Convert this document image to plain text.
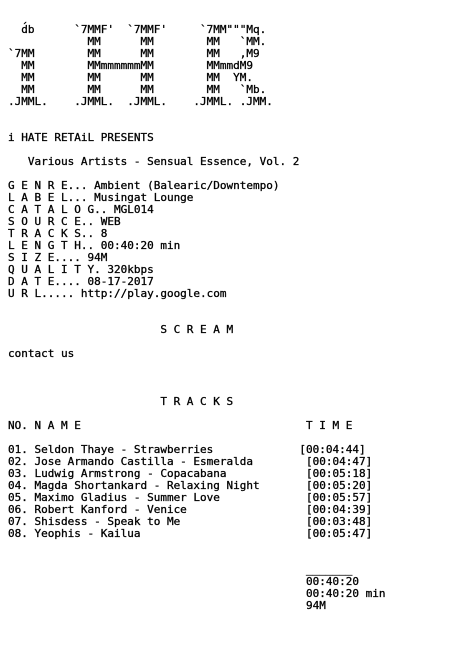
d́b      `7MMF'  `7MMF'     `7MM"""Mq.
MM      MM        MM   `MM.
`7MM        MM      MM        MM   ,M9
MM        MMmmmmmmMM        MMmmdM9
MM        MM      MM        MM  YM.
MM        MM      MM        MM   `Mb.
.JMML.    .JMML.  .JMML.    .JMML. .JMM.
i HATE RETAiL PRESENTS
Various Artists - Sensual Essence, Vol. 2
G E N R E... Ambient (Balearic/Downtempo)
L A B E L... Musingat Lounge
C A T A L O G.. MGL014
S O U R C E.. WEB
T R A C K S.. 8
L E N G T H.. 00:40:20 min
S I Z E.... 94M
Q U A L I T Y. 320kbps
D A T E.... 08-17-2017
U R L..... http://play.google.com
S C R E A M
contact us
T R A C K S
NO. N A M E                                  T I M E
01. Seldon Thaye - Strawberries             [00:04:44]
02. Jose Armando Castilla - Esmeralda        [00:04:47]
03. Ludwig Armstrong - Copacabana            [00:05:18]
04. Magda Shortankard - Relaxing Night       [00:05:20]
05. Maximo Gladius - Summer Love             [00:05:57]
06. Robert Kanford - Venice                  [00:04:39]
07. Shisdess - Speak to Me                   [00:03:48]
08. Yeophis - Kailua                         [00:05:47]
_______
00:40:20
00:40:20 min
94M
